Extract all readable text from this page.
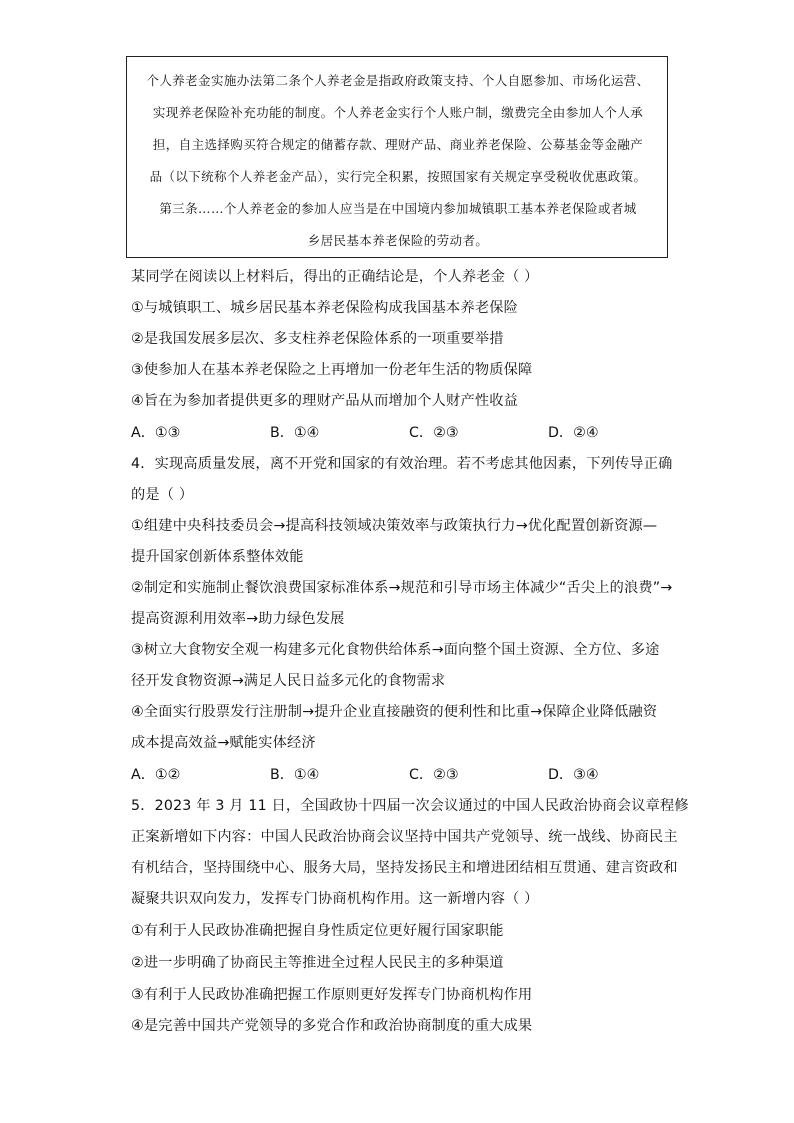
个人养老金实施办法第二条个人养老金是指政府政策支持、个人自愿参加、市场化运营、
实现养老保险补充功能的制度。个人养老金实行个人账户制，缴费完全由参加人个人承
担，自主选择购买符合规定的储蓄存款、理财产品、商业养老保险、公募基金等金融产
品（以下统称个人养老金产品），实行完全积累，按照国家有关规定享受税收优惠政策。
第三条……个人养老金的参加人应当是在中国境内参加城镇职工基本养老保险或者城
乡居民基本养老保险的劳动者。
某同学在阅读以上材料后，得出的正确结论是，个人养老金（ ）
①与城镇职工、城乡居民基本养老保险构成我国基本养老保险
②是我国发展多层次、多支柱养老保险体系的一项重要举措
③使参加人在基本养老保险之上再增加一份老年生活的物质保障
④旨在为参加者提供更多的理财产品从而增加个人财产性收益
A．①③	B．①④	C．②③	D．②④
4．实现高质量发展，离不开党和国家的有效治理。若不考虑其他因素，下列传导正确
的是（ ）
①组建中央科技委员会→提高科技领域决策效率与政策执行力→优化配置创新资源—
提升国家创新体系整体效能
②制定和实施制止餐饮浪费国家标准体系→规范和引导市场主体减少“舌尖上的浪费”→
提高资源利用效率→助力绿色发展
③树立大食物安全观一构建多元化食物供给体系→面向整个国土资源、全方位、多途
径开发食物资源→满足人民日益多元化的食物需求
④全面实行股票发行注册制→提升企业直接融资的便利性和比重→保障企业降低融资
成本提高效益→赋能实体经济
A．①②	B．①④	C．②③	D．③④
5．2023 年 3 月 11 日，全国政协十四届一次会议通过的中国人民政治协商会议章程修
正案新增如下内容：中国人民政治协商会议坚持中国共产党领导、统一战线、协商民主
有机结合，坚持围绕中心、服务大局，坚持发扬民主和增进团结相互贯通、建言资政和
凝聚共识双向发力，发挥专门协商机构作用。这一新增内容（ ）
①有利于人民政协准确把握自身性质定位更好履行国家职能
②进一步明确了协商民主等推进全过程人民民主的多种渠道
③有利于人民政协准确把握工作原则更好发挥专门协商机构作用
④是完善中国共产党领导的多党合作和政治协商制度的重大成果
